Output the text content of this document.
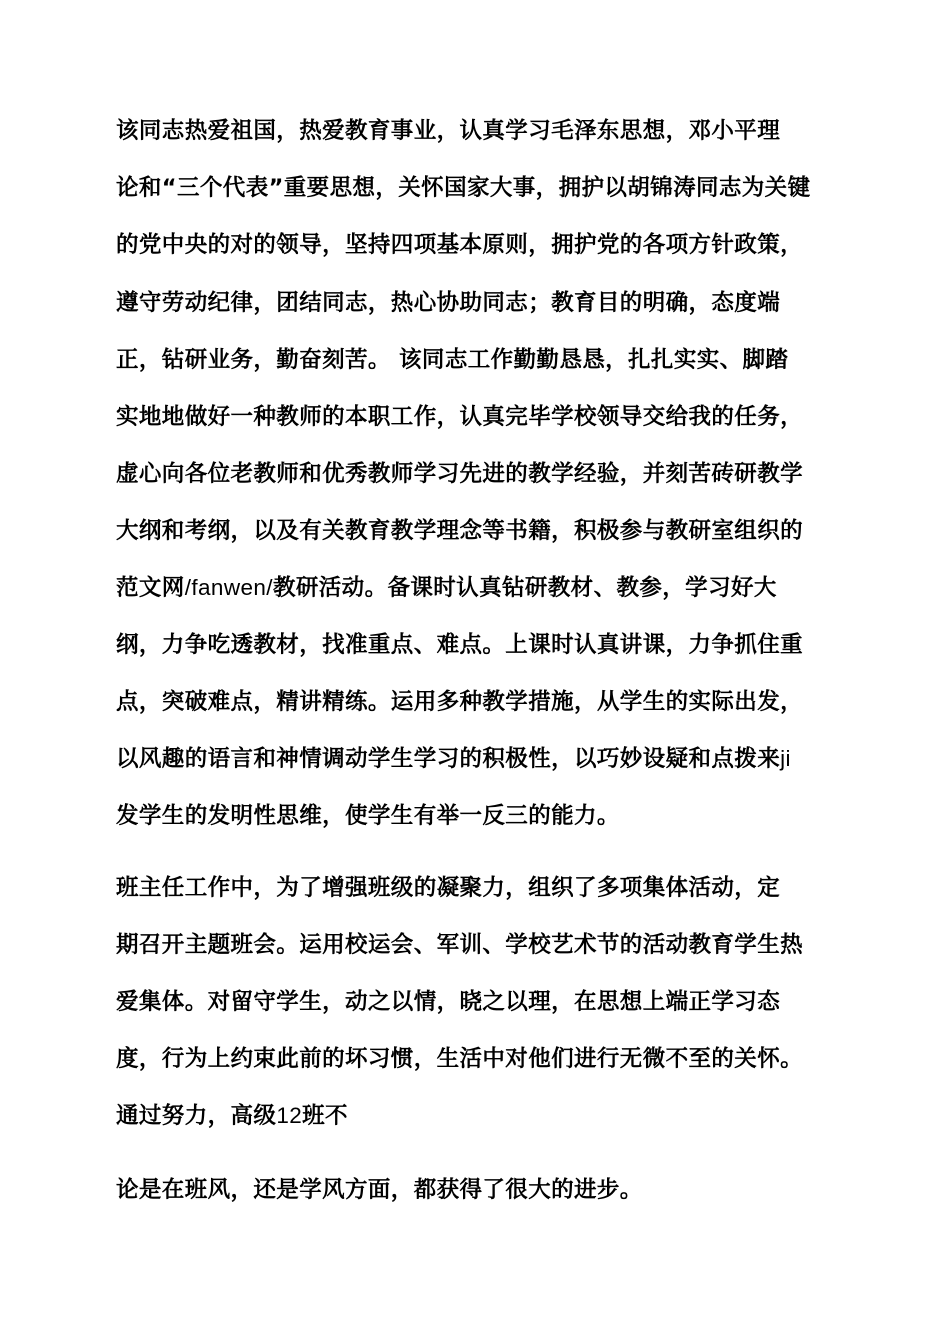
该同志热爱祖国，热爱教育事业，认真学习毛泽东思想，邓小平理
论和“三个代表”重要思想，关怀国家大事，拥护以胡锦涛同志为关键
的党中央的对的领导，坚持四项基本原则，拥护党的各项方针政策，
遵守劳动纪律，团结同志，热心协助同志；教育目的明确，态度端
正，钻研业务，勤奋刻苦。 该同志工作勤勤恳恳，扎扎实实、脚踏
实地地做好一种教师的本职工作，认真完毕学校领导交给我的任务，
虚心向各位老教师和优秀教师学习先进的教学经验，并刻苦砖研教学
大纲和考纲，以及有关教育教学理念等书籍，积极参与教研室组织的
范文网/fanwen/教研活动。备课时认真钻研教材、教参，学习好大
纲，力争吃透教材，找准重点、难点。上课时认真讲课，力争抓住重
点，突破难点，精讲精练。运用多种教学措施，从学生的实际出发，
以风趣的语言和神情调动学生学习的积极性，以巧妙设疑和点拨来ji
发学生的发明性思维，使学生有举一反三的能力。
班主任工作中，为了增强班级的凝聚力，组织了多项集体活动，定
期召开主题班会。运用校运会、军训、学校艺术节的活动教育学生热
爱集体。对留守学生，动之以情，晓之以理，在思想上端正学习态
度，行为上约束此前的坏习惯，生活中对他们进行无微不至的关怀。
通过努力，高级12班不
论是在班风，还是学风方面，都获得了很大的进步。
